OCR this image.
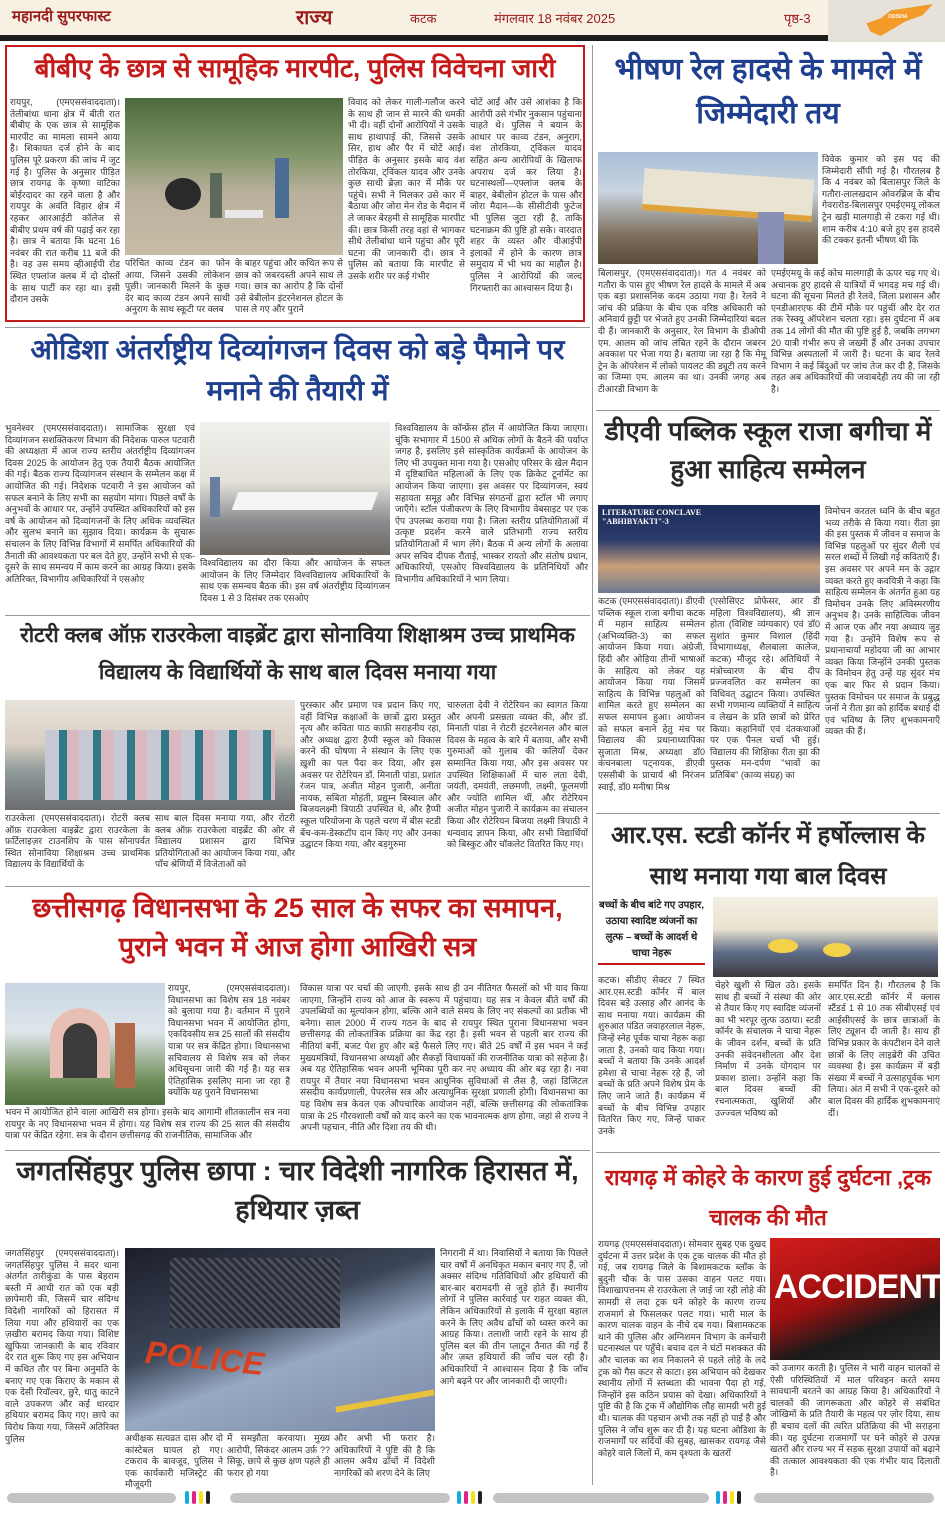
महानदी सुपरफास्ट	राज्य	कटक	मंगलवार 18 नवंबर 2025	पृष्ठ-3	ODISHA
बीबीए के छात्र से सामूहिक मारपीट, पुलिस विवेचना जारी
रायपुर, (एमएससंवाददाता)। तेलीबांधा थाना क्षेत्र में बीती रात बीबीए के एक छात्र से सामूहिक मारपीट का मामला सामने आया है। शिकायत दर्ज होने के बाद पुलिस पूरे प्रकरण की जांच में जुट गई है। पुलिस के अनुसार पीड़ित छात्र रायगढ़ के कृष्णा वाटिका बोईरदादर का रहने वाला है और रायपुर के अवंति विहार क्षेत्र में रहकर आरआईटी कॉलेज से बीबीए प्रथम वर्ष की पढ़ाई कर रहा है। छात्र ने बताया कि घटना 16 नवंबर की रात करीब 11 बजे की है। वह उस समय व्हीआईपी रोड स्थित एफ्लांज क्लब में दो दोस्तों के साथ पार्टी कर रहा था। इसी दौरान उसके
परिचित काव्य टंडन का फोन आया, जिसने उसकी लोकेशन पूछी। जानकारी मिलने के कुछ देर बाद काव्य टंडन अपने साथी अनुराग के साथ स्कूटी पर क्लब
के बाहर पहुंचा और कथित रूप से छात्र को जबरदस्ती अपने साथ ले गया। छात्र का आरोप है कि दोनों उसे बेबीलोन इंटरनेशनल होटल के पास ले गए और पुराने
विवाद को लेकर गाली-गलौज करने के साथ ही जान से मारने की धमकी भी दी। वहीं दोनों आरोपियों ने उसके साथ हाथापाई की, जिससे उसके सिर, हाथ और पैर में चोटें आईं। पीड़ित के अनुसार इसके बाद वंश तोरकिया, ट्विंकल यादव और उनके कुछ साथी ब्रेज़ा कार में मौके पर पहुंचे। सभी ने मिलकर उसे कार में बैठाया और जोरा मेन रोड के मैदान में ले जाकर बेरहमी से सामूहिक मारपीट की। छात्र किसी तरह वहां से भागकर सीधे तेलीबांधा थाने पहुंचा और पूरी घटना की जानकारी दी। छात्र ने पुलिस को बताया कि मारपीट से उसके शरीर पर कई गंभीर
चोटें आईं और उसे आशंका है कि आरोपी उसे गंभीर नुकसान पहुंचाना चाहते थे। पुलिस ने बयान के आधार पर काव्य टंडन, अनुराग, वंश तोरकिया, ट्विंकल यादव सहित अन्य आरोपियों के खिलाफ अपराध दर्ज कर लिया है। घटनास्थलों—एफ्लांज क्लब के बाहर, बेबीलोन होटल के पास और जोरा मैदान—के सीसीटीवी फुटेज भी पुलिस जुटा रही है, ताकि घटनाक्रम की पुष्टि हो सके। वारदात शहर के व्यस्त और वीआईपी इलाकों में होने के कारण छात्र समुदाय में भी भय का माहौल है। पुलिस ने आरोपियों की जल्द गिरफ्तारी का आश्वासन दिया है।
भीषण रेल हादसे के मामले में जिम्मेदारी तय
विवेक कुमार को इस पद की जिम्मेदारी सौंपी गई है। गौरतलब है कि 4 नवंबर को बिलासपुर जिले के गतौरा-लालखदान ओवरब्रिज के बीच गेवरारोड-बिलासपुर एमईएमयू लोकल ट्रेन खड़ी मालगाड़ी से टकरा गई थी। शाम करीब 4:10 बजे हुए इस हादसे की टक्कर इतनी भीषण थी कि
बिलासपुर, (एमएससंवाददाता)। गत 4 नवंबर को गतौरा के पास हुए भीषण रेल हादसे के मामले में अब एक बड़ा प्रशासनिक कदम उठाया गया है। रेलवे ने जांच की प्रक्रिया के बीच एक वरिष्ठ अधिकारी को अनिवार्य छुट्टी पर भेजते हुए उनकी जिम्मेदारियां बदल दी हैं। जानकारी के अनुसार, रेल विभाग के डीओपी एम. आलम को जांच लंबित रहने के दौरान जबरन अवकाश पर भेजा गया है। बताया जा रहा है कि मेमू ट्रेन के ऑपरेशन में लोको पायलट की ड्यूटी तय करने का जिम्मा एम. आलम का था। उनकी जगह अब टीआरडी विभाग के
एमईएमयू के कई कोच मालगाड़ी के ऊपर चढ़ गए थे। अचानक हुए हादसे से यात्रियों में भगदड़ मच गई थी। घटना की सूचना मिलते ही रेलवे, जिला प्रशासन और एनडीआरएफ की टीमें मौके पर पहुंचीं और देर रात तक रेस्क्यू ऑपरेशन चलता रहा। इस दुर्घटना में अब तक 14 लोगों की मौत की पुष्टि हुई है, जबकि लगभग 20 यात्री गंभीर रूप से जख्मी हैं और उनका उपचार विभिन्न अस्पतालों में जारी है। घटना के बाद रेलवे विभाग ने कई बिंदुओं पर जांच तेज कर दी है, जिसके तहत अब अधिकारियों की जवाबदेही तय की जा रही है।
ओडिशा अंतर्राष्ट्रीय दिव्यांगजन दिवस को बड़े पैमाने पर मनाने की तैयारी में
भुवनेश्वर (एमएससंवाददाता)। सामाजिक सुरक्षा एवं दिव्यांगजन सशक्तिकरण विभाग की निदेशक पारुल पटवारी की अध्यक्षता में आज राज्य स्तरीय अंतर्राष्ट्रीय दिव्यांगजन दिवस 2025 के आयोजन हेतु एक तैयारी बैठक आयोजित की गई। बैठक राज्य दिव्यांगजन संस्थान के सम्मेलन कक्ष में आयोजित की गई। निदेशक पटवारी ने इस आयोजन को सफल बनाने के लिए सभी का सहयोग मांगा। पिछले वर्षों के अनुभवों के आधार पर, उन्होंने उपस्थित अधिकारियों को इस वर्ष के आयोजन को दिव्यांगजनों के लिए अधिक व्यवस्थित और सुलभ बनाने का सुझाव दिया। कार्यक्रम के सुचारू संचालन के लिए विभिन्न विभागों में समर्पित अधिकारियों की तैनाती की आवश्यकता पर बल देते हुए, उन्होंने सभी से एक-दूसरे के साथ समन्वय में काम करने का आग्रह किया। इसके अतिरिक्त, विभागीय अधिकारियों ने एसओए
विश्वविद्यालय का दौरा किया और आयोजन के सफल आयोजन के लिए जिम्मेदार विश्वविद्यालय अधिकारियों के साथ एक समन्वय बैठक की। इस वर्ष अंतर्राष्ट्रीय दिव्यांगजन दिवस 1 से 3 दिसंबर तक एसओए
विश्वविद्यालय के कॉन्फ्रेंस हॉल में आयोजित किया जाएगा। चूंकि सभागार में 1500 से अधिक लोगों के बैठने की पर्याप्त जगह है, इसलिए इसे सांस्कृतिक कार्यक्रमों के आयोजन के लिए भी उपयुक्त माना गया है। एसओए परिसर के खेल मैदान में दृष्टिबाधित महिलाओं के लिए एक क्रिकेट टूर्नामेंट का आयोजन किया जाएगा। इस अवसर पर दिव्यांगजन, स्वयं सहायता समूह और विभिन्न संगठनों द्वारा स्टॉल भी लगाए जाएँगे। स्टॉल पंजीकरण के लिए विभागीय वेबसाइट पर एक ऐप उपलब्ध कराया गया है। जिला स्तरीय प्रतियोगिताओं में उत्कृष्ट प्रदर्शन करने वाले प्रतिभागी राज्य स्तरीय प्रतियोगिताओं में भाग लेंगे। बैठक में अन्य लोगों के अलावा अपर सचिव दीपक रौताई, भास्कर रायतो और संतोष प्रधान, अधिकारियों, एसओए विश्वविद्यालय के प्रतिनिधियों और विभागीय अधिकारियों ने भाग लिया।
डीएवी पब्लिक स्कूल राजा बगीचा में हुआ साहित्य सम्मेलन
LITERATURE CONCLAVE "ABHIBYAKTI"-3
विमोचन करतल ध्वनि के बीच बहुत भव्य तरीके से किया गया। रीता झा की इस पुस्तक में जीवन व समाज के विभिन्न पहलुओं पर सुंदर शैली एवं सरल शब्दों में लिखी गई कविताएँ हैं। इस अवसर पर अपने मन के उद्गार व्यक्त करते हुए कवयित्री ने कहा कि साहित्य सम्मेलन के अंतर्गत हुआ यह विमोचन उनके लिए अविस्मरणीय अनुभव है। उनके साहित्यिक जीवन में आज एक और नया अध्याय जुड़ गया है। उन्होंने विशेष रूप से प्रधानाचार्या महोदया जी का आभार व्यक्त किया जिन्होंने उनकी पुस्तक के विमोचन हेतु उन्हें यह सुंदर मंच एक बार फिर से प्रदान किया। पुस्तक विमोचन पर समाज के प्रबुद्ध जनों ने रीता झा को हार्दिक बधाई दी एवं भविष्य के लिए शुभकामनाएँ व्यक्त की हैं।
कटक (एमएससंवाददाता)। डीएवी पब्लिक स्कूल राजा बगीचा कटक में महान साहित्य सम्मेलन (अभिव्यक्ति-3) का सफल आयोजन किया गया। अंग्रेजी, हिंदी और ओड़िया तीनों भाषाओं के साहित्य को लेकर यह आयोजन किया गया जिसमें साहित्य के विभिन्न पहलुओं को शामिल करते हुए सम्मेलन का सफल समापन हुआ। आयोजन को सफल बनाने हेतु मंच पर विद्यालय की प्रधानाध्यापिका सुजाता मिश्र, अध्यक्षा डॉ0 कंचनबाला पट्नायक, डीएवी एससीबी के प्राचार्य श्री निरंजन स्वाईं, डॉ0 मनीषा मिश्र
(एसोसिएट प्रोफेसर, आर डी महिला विश्वविद्यालय), श्री ज्ञान होता (विशिष्ट व्यंग्यकार) एवं डॉ0 सुशांत कुमार विशाल (हिंदी विभागाध्यक्ष, शैलबाला कालेज, कटक) मौजूद रहे। अतिथियों ने मंत्रोच्चारण के बीच दीप प्रज्जवलित कर सम्मेलन का विधिवत् उद्घाटन किया। उपस्थित सभी गणमान्य व्यक्तियों ने साहित्य व लेखन के प्रति छात्रों को प्रेरित किया। कहानियों एवं दंतकथाओं पर एक पैनल चर्चा भी हुई। विद्यालय की शिक्षिका रीता झा की पुस्तक मन-दर्पण "भावों का प्रतिबिंब" (काव्य संग्रह) का
रोटरी क्लब ऑफ़ राउरकेला वाइब्रेंट द्वारा सोनाविया शिक्षाश्रम उच्च प्राथमिक विद्यालय के विद्यार्थियों के साथ बाल दिवस मनाया गया
राउरकेला (एमएससंवाददाता)। रोटरी क्लब ऑफ़ राउरकेला वाइब्रेंट द्वारा राउरकेला के फ़र्टिलाइज़र टाउनशिप के पास सोनापर्वत स्थित सोनाविया शिक्षाश्रम उच्च प्राथमिक विद्यालय के विद्यार्थियों के
साथ बाल दिवस मनाया गया, और रोटरी क्लब ऑफ़ राउरकेला वाइब्रेंट की ओर से विद्यालय प्रशासन द्वारा विभिन्न प्रतियोगिताओं का आयोजन किया गया, और पाँच श्रेणियों में विजेताओं को
पुरस्कार और प्रमाण पत्र प्रदान किए गए, वहीं विभिन्न कक्षाओं के छात्रों द्वारा प्रस्तुत नृत्य और कविता पाठ काफ़ी सराहनीय रहा, और अध्यक्ष द्वारा हैप्पी स्कूल को विकास करने की घोषणा ने संस्थान के लिए एक ख़ुशी का पल पैदा कर दिया, और इस अवसर पर रोटेरियन डॉ. मिनाती पांडा, प्रशांत रंजन पात्र, अजीत मोहन पुजारी, अनीता नायक, सबिता मोहंती, प्रद्युम्न बिस्वाल और बिजयलक्ष्मी त्रिपाठी उपस्थित थे, और हैप्पी स्कूल परियोजना के पहले चरण में बीस स्टडी बेंच-कम-डेस्कटॉप दान किए गए और उनका उद्घाटन किया गया, और बड़गुरुमा
चारुलता देवी ने रोटेरियन का स्वागत किया और अपनी प्रसन्नता व्यक्त की, और डॉ. मिनाती पांडा ने रोटरी इंटरनेशनल और बाल दिवस के महत्व के बारे में बताया, और सभी गुरुमाओं को गुलाब की कलियाँ देकर सम्मानित किया गया, और इस अवसर पर उपस्थित शिक्षिकाओं में चारु लता देवी, जयंती, दमयंती, लछमणी, लक्ष्मी, फूलमणी और ज्योति शामिल थीं, और रोटेरियन अजीत मोहन पुजारी ने कार्यक्रम का संचालन किया और रोटेरियन बिजया लक्ष्मी त्रिपाठी ने धन्यवाद ज्ञापन किया, और सभी विद्यार्थियों को बिस्कुट और चॉकलेट वितरित किए गए।	आर.एस. स्टडी कॉर्नर में हर्षोल्लास के साथ मनाया गया बाल दिवस
बच्चों के बीच बांटे गए उपहार, उठाया स्वादिष्ट व्यंजनों का लुत्फ – बच्चों के आदर्श थे चाचा नेहरू
कटक। सीडीए सेक्टर 7 स्थित आर.एस.स्टडी कॉर्नर में बाल दिवस बड़े उत्साह और आनंद के साथ मनाया गया। कार्यक्रम की शुरुआत पंडित जवाहरलाल नेहरू, जिन्हें स्नेह पूर्वक चाचा नेहरू कहा जाता है, उनको याद किया गया। बच्चों ने बताया कि उनके आदर्श हमेशा से चाचा नेहरू रहे हैं, जो बच्चों के प्रति अपने विशेष प्रेम के लिए जाने जाते हैं। कार्यक्रम में बच्चों के बीच विभिन्न उपहार वितरित किए गए, जिन्हें पाकर उनके
चेहरे खुशी से खिल उठे। इसके साथ ही बच्चों ने संस्था की ओर से तैयार किए गए स्वादिष्ट व्यंजनों का भी भरपूर लुत्फ उठाया। स्टडी कॉर्नर के संचालक ने चाचा नेहरू के जीवन दर्शन, बच्चों के प्रति उनकी संवेदनशीलता और देश निर्माण में उनके योगदान पर प्रकाश डाला। उन्होंने कहा कि बाल दिवस बच्चों की रचनात्मकता, खुशियों और उज्ज्वल भविष्य को
समर्पित दिन है। गौरतलब है कि आर.एस.स्टडी कॉर्नर में क्लास स्टैंडर्ड 1 से 10 तक सीबीएसई एवं आईसीएसई के छात्र छात्राओं के लिए ट्यूशन दी जाती है। साथ ही विभिन्न प्रकार के कंपटीशन देने वाले छात्रों के लिए लाइब्रेरी की उचित व्यवस्था है। इस कार्यक्रम में बड़ी संख्या में बच्चों ने उत्साहपूर्वक भाग लिया। अंत में सभी ने एक-दूसरे को बाल दिवस की हार्दिक शुभकामनाएं दीं।
छत्तीसगढ़ विधानसभा के 25 साल के सफर का समापन, पुराने भवन में आज होगा आखिरी सत्र
रायपुर, (एमएससंवाददाता)। विधानसभा का विशेष सत्र 18 नवंबर को बुलाया गया है। वर्तमान में पुराने विधानसभा भवन में आयोजित होगा, एकदिवसीय सत्र 25 सालों की संसदीय यात्रा पर सत्र केंद्रित होगा। विधानसभा सचिवालय से विशेष सत्र को लेकर अधिसूचना जारी की गई है। यह सत्र ऐतिहासिक इसलिए माना जा रहा है क्योंकि यह पुराने विधानसभा
भवन में आयोजित होने वाला आखिरी सत्र होगा। इसके बाद आगामी शीतकालीन सत्र नवा रायपुर के नए विधानसभा भवन में होगा। यह विशेष सत्र राज्य की 25 साल की संसदीय यात्रा पर केंद्रित रहेगा. सत्र के दौरान छत्तीसगढ़ की राजनीतिक, सामाजिक और
विकास यात्रा पर चर्चा की जाएगी. इसके साथ ही उन नीतिगत फैसलों को भी याद किया जाएगा, जिन्होंने राज्य को आज के स्वरूप में पहुंचाया। यह सत्र न केवल बीते वर्षों की उपलब्धियों का मूल्यांकन होगा, बल्कि आने वाले समय के लिए नए संकल्पों का प्रतीक भी बनेगा। साल 2000 में राज्य गठन के बाद से रायपुर स्थित पुराना विधानसभा भवन छत्तीसगढ़ की लोकतांत्रिक प्रक्रिया का केंद्र रहा है। इसी भवन से पहली बार राज्य की नीतियां बनीं, बजट पेश हुए और बड़े फैसले लिए गए। बीते 25 वर्षों में इस भवन ने कई मुख्यमंत्रियों, विधानसभा अध्यक्षों और सैकड़ों विधायकों की राजनीतिक यात्रा को सहेजा है। अब यह ऐतिहासिक भवन अपनी भूमिका पूरी कर नए अध्याय की ओर बढ़ रहा है। नवा रायपुर में तैयार नया विधानसभा भवन आधुनिक सुविधाओं से लैस है, जहां डिजिटल संसदीय कार्यप्रणाली, पेपरलेस सत्र और अत्याधुनिक सुरक्षा प्रणाली होगी। विधानसभा का यह विशेष सत्र केवल एक औपचारिक आयोजन नहीं, बल्कि छत्तीसगढ़ की लोकतांत्रिक यात्रा के 25 गौरवशाली वर्षों को याद करने का एक भावनात्मक क्षण होगा, जहां से राज्य ने अपनी पहचान, नीति और दिशा तय की थी।
जगतसिंहपुर पुलिस छापा : चार विदेशी नागरिक हिरासत में, हथियार ज़ब्त
जगतसिंहपुर (एमएससंवाददाता)। जगतसिंहपुर पुलिस ने सदर थाना अंतर्गत तारीकुंडा के पास बेहराम बस्ती में आधी रात को एक बड़ी छापेमारी की, जिसमें चार संदिग्ध विदेशी नागरिकों को हिरासत में लिया गया और हथियारों का एक ज़खीरा बरामद किया गया। विशिष्ट खुफिया जानकारी के बाद रविवार देर रात शुरू किए गए इस अभियान में कथित तौर पर बिना अनुमति के बनाए गए एक किराए के मकान से एक देसी रिवॉल्वर, छुरे, धातु काटने वाले उपकरण और कई धारदार हथियार बरामद किए गए। छापे का विरोध किया गया, जिसमें अतिरिक्त पुलिस
POLICE
अधीक्षक सत्यव्रत दास और दो कांस्टेबल घायल हो गए। टकराव के बावजूद, पुलिस ने एक कार्यकारी मजिस्ट्रेट की मौजूदगी
में समझौता करवाया। मुख्य आरोपी, सिकंदर आलम उर्फ़ ??सिकू, छापे से कुछ क्षण पहले ही फरार हो गया
और अभी भी फरार है। अधिकारियों ने पुष्टि की है कि आलम अवैध ढाँचों में विदेशी नागरिकों को शरण देने के लिए
निगरानी में था। निवासियों ने बताया कि पिछले चार वर्षों में अनधिकृत मकान बनाए गए हैं, जो अक्सर संदिग्ध गतिविधियों और हथियारों की बार-बार बरामदगी से जुड़े होते हैं। स्थानीय लोगों ने पुलिस कार्रवाई पर राहत व्यक्त की, लेकिन अधिकारियों से इलाके में सुरक्षा बहाल करने के लिए अवैध ढाँचों को ध्वस्त करने का आग्रह किया। तलाशी जारी रहने के साथ ही पुलिस बल की तीन प्लाटून तैनात की गई हैं और ज़ब्त हथियारों की जाँच चल रही है। अधिकारियों ने आश्वासन दिया है कि जाँच आगे बढ़ने पर और जानकारी दी जाएगी।
रायगढ़ में कोहरे के कारण हुई दुर्घटना ,ट्रक चालक की मौत
रायगढ़ (एमएससंवाददाता)। सोमवार सुबह एक दुखद दुर्घटना में उत्तर प्रदेश के एक ट्रक चालक की मौत हो गई, जब रायगढ़ जिले के बिशामकटक ब्लॉक के बुदुनी चौक के पास उसका वाहन पलट गया। विशाखापत्तनम से राउरकेला ले जाई जा रही लोहे की सामग्री से लदा ट्रक घने कोहरे के कारण राज्य राजमार्ग से फिसलकर पलट गया। भारी माल के कारण चालक वाहन के नीचे दब गया। बिशामकटक थाने की पुलिस और अग्निशमन विभाग के कर्मचारी घटनास्थल पर पहुँचे। बचाव दल ने घंटों मशक्कत की और चालक का शव निकालने से पहले लोहे के लदे ट्रक को गैस कटर से काटा। इस अभियान को देखकर स्थानीय लोगों में स्तब्धता की भावना पैदा हो गई, जिन्होंने इस कठिन प्रयास को देखा। अधिकारियों ने पुष्टि की है कि ट्रक में औद्योगिक लौह सामग्री भरी हुई थी। चालक की पहचान अभी तक नहीं हो पाई है और पुलिस ने जाँच शुरू कर दी है। यह घटना ओडिशा के राजमार्गों पर सर्दियों की सुबह, खासकर रायगढ़ जैसे कोहरे वाले जिलों में, कम दृश्यता के खतरों
ACCIDENT
को उजागर करती है। पुलिस ने भारी वाहन चालकों से ऐसी परिस्थितियों में माल परिवहन करते समय सावधानी बरतने का आग्रह किया है। अधिकारियों ने चालकों की जागरूकता और कोहरे से संबंधित जोखिमों के प्रति तैयारी के महत्व पर ज़ोर दिया, साथ ही बचाव दलों की त्वरित प्रतिक्रिया की भी सराहना की। यह दुर्घटना राजमार्गों पर घने कोहरे से उत्पन्न खतरों और राज्य भर में सड़क सुरक्षा उपायों को बढ़ाने की तत्काल आवश्यकता की एक गंभीर याद दिलाती है।
